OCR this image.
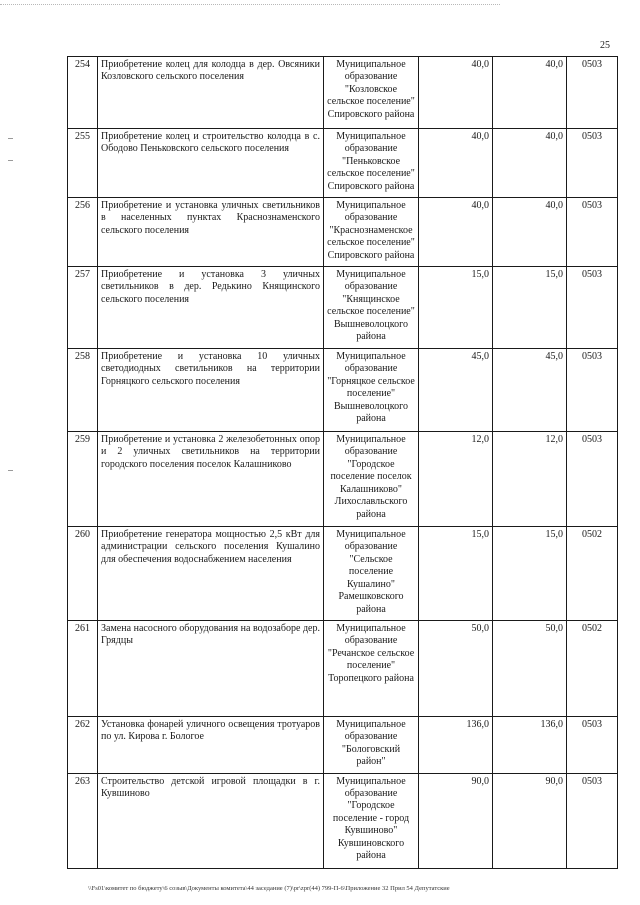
25
254	Приобретение колец для колодца в дер. Овсяники Козловского сельского поселения	Муниципальное образование "Козловское сельское поселение" Спировского района	40,0	40,0	0503
255	Приобретение колец и строительство колодца в с. Ободово Пеньковского сельского поселения	Муниципальное образование "Пеньковское сельское поселение" Спировского района	40,0	40,0	0503
256	Приобретение и установка уличных светильников в населенных пунктах Краснознаменского сельского поселения	Муниципальное образование "Краснознаменское сельское поселение" Спировского района	40,0	40,0	0503
257	Приобретение и установка 3 уличных светильников в дер. Редькино Княщинского сельского поселения	Муниципальное образование "Княщинское сельское поселение" Вышневолоцкого района	15,0	15,0	0503
258	Приобретение и установка 10 уличных светодиодных светильников на территории Горняцкого сельского поселения	Муниципальное образование "Горняцкое сельское поселение" Вышневолоцкого района	45,0	45,0	0503
259	Приобретение и установка 2 железобетонных опор и 2 уличных светильников на территории городского поселения поселок Калашниково	Муниципальное образование "Городское поселение поселок Калашниково" Лихославльского района	12,0	12,0	0503
260	Приобретение генератора мощностью 2,5 кВт для администрации сельского поселения Кушалино для обеспечения водоснабжением населения	Муниципальное образование "Сельское поселение Кушалино" Рамешковского района	15,0	15,0	0502
261	Замена насосного оборудования на водозаборе дер. Грядцы	Муниципальное образование "Речанское сельское поселение" Торопецкого района	50,0	50,0	0502
262	Установка фонарей уличного освещения тротуаров по ул. Кирова г. Бологое	Муниципальное образование "Бологовский район"	136,0	136,0	0503
263	Строительство детской игровой площадки в г. Кувшиново	Муниципальное образование "Городское поселение - город Кувшиново" Кувшиновского района	90,0	90,0	0503
\\Fs01\комитет по бюджету\6 созыв\Документы комитета\44 заседание (7)\pr\zpr(44) 799-П-6\Приложение 32 Прил 54 Депутатские
